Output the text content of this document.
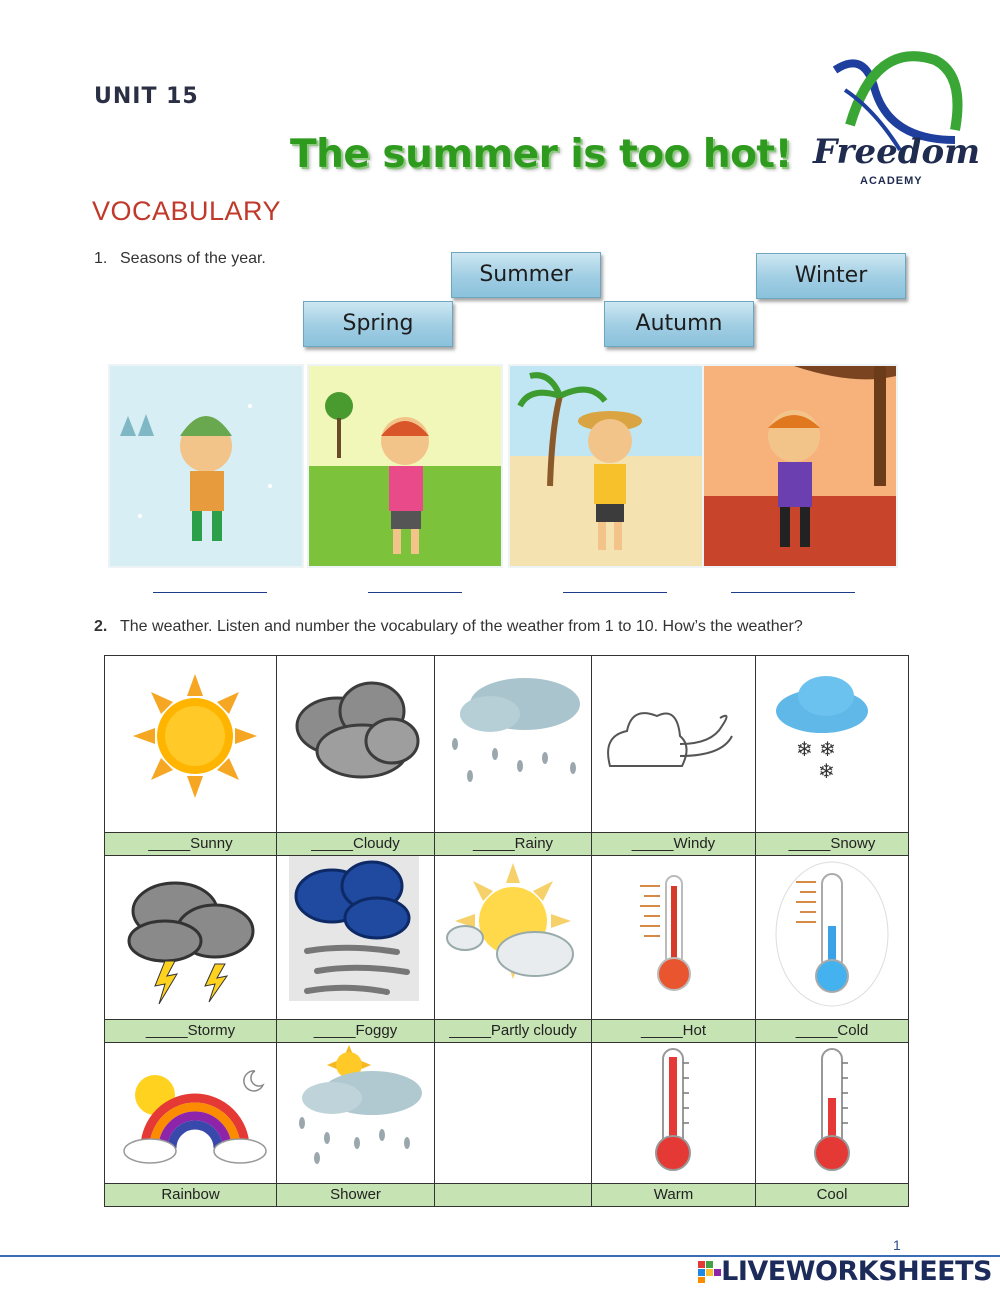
UNIT 15
The summer is too hot! Freedom
ACADEMY
VOCABULARY
1. Seasons of the year.
Summer	Winter
Spring	Autumn
2. The weather. Listen and number the vocabulary of the weather from 1 to 10. How’s the weather?

❄ ❄
❄

_____Sunny	_____Cloudy	_____Rainy	_____Windy	_____Snowy

_____Stormy	_____Foggy	_____Partly cloudy	_____Hot	_____Cold

Rainbow	Shower		Warm	Cool
1
LIVEWORKSHEETS
